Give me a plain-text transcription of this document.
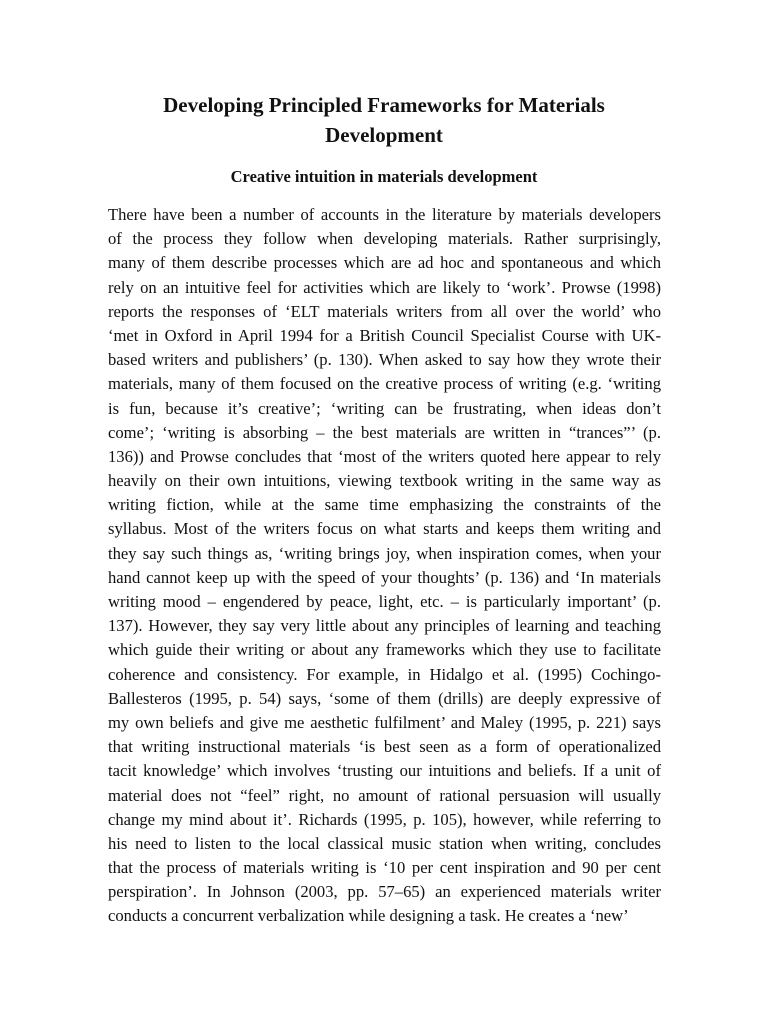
Developing Principled Frameworks for Materials
Development
Creative intuition in materials development
There have been a number of accounts in the literature by materials developers
of the process they follow when developing materials. Rather surprisingly,
many of them describe processes which are ad hoc and spontaneous and which
rely on an intuitive feel for activities which are likely to ‘work’. Prowse (1998)
reports the responses of ‘ELT materials writers from all over the world’ who
‘met in Oxford in April 1994 for a British Council Specialist Course with UK-
based writers and publishers’ (p. 130). When asked to say how they wrote their
materials, many of them focused on the creative process of writing (e.g. ‘writing
is fun, because it’s creative’; ‘writing can be frustrating, when ideas don’t
come’; ‘writing is absorbing – the best materials are written in “trances”’ (p.
136)) and Prowse concludes that ‘most of the writers quoted here appear to rely
heavily on their own intuitions, viewing textbook writing in the same way as
writing fiction, while at the same time emphasizing the constraints of the
syllabus. Most of the writers focus on what starts and keeps them writing and
they say such things as, ‘writing brings joy, when inspiration comes, when your
hand cannot keep up with the speed of your thoughts’ (p. 136) and ‘In materials
writing mood – engendered by peace, light, etc. – is particularly important’ (p.
137). However, they say very little about any principles of learning and teaching
which guide their writing or about any frameworks which they use to facilitate
coherence and consistency. For example, in Hidalgo et al. (1995) Cochingo-
Ballesteros (1995, p. 54) says, ‘some of them (drills) are deeply expressive of
my own beliefs and give me aesthetic fulfilment’ and Maley (1995, p. 221) says
that writing instructional materials ‘is best seen as a form of operationalized
tacit knowledge’ which involves ‘trusting our intuitions and beliefs. If a unit of
material does not “feel” right, no amount of rational persuasion will usually
change my mind about it’. Richards (1995, p. 105), however, while referring to
his need to listen to the local classical music station when writing, concludes
that the process of materials writing is ‘10 per cent inspiration and 90 per cent
perspiration’. In Johnson (2003, pp. 57–65) an experienced materials writer
conducts a concurrent verbalization while designing a task. He creates a ‘new’
